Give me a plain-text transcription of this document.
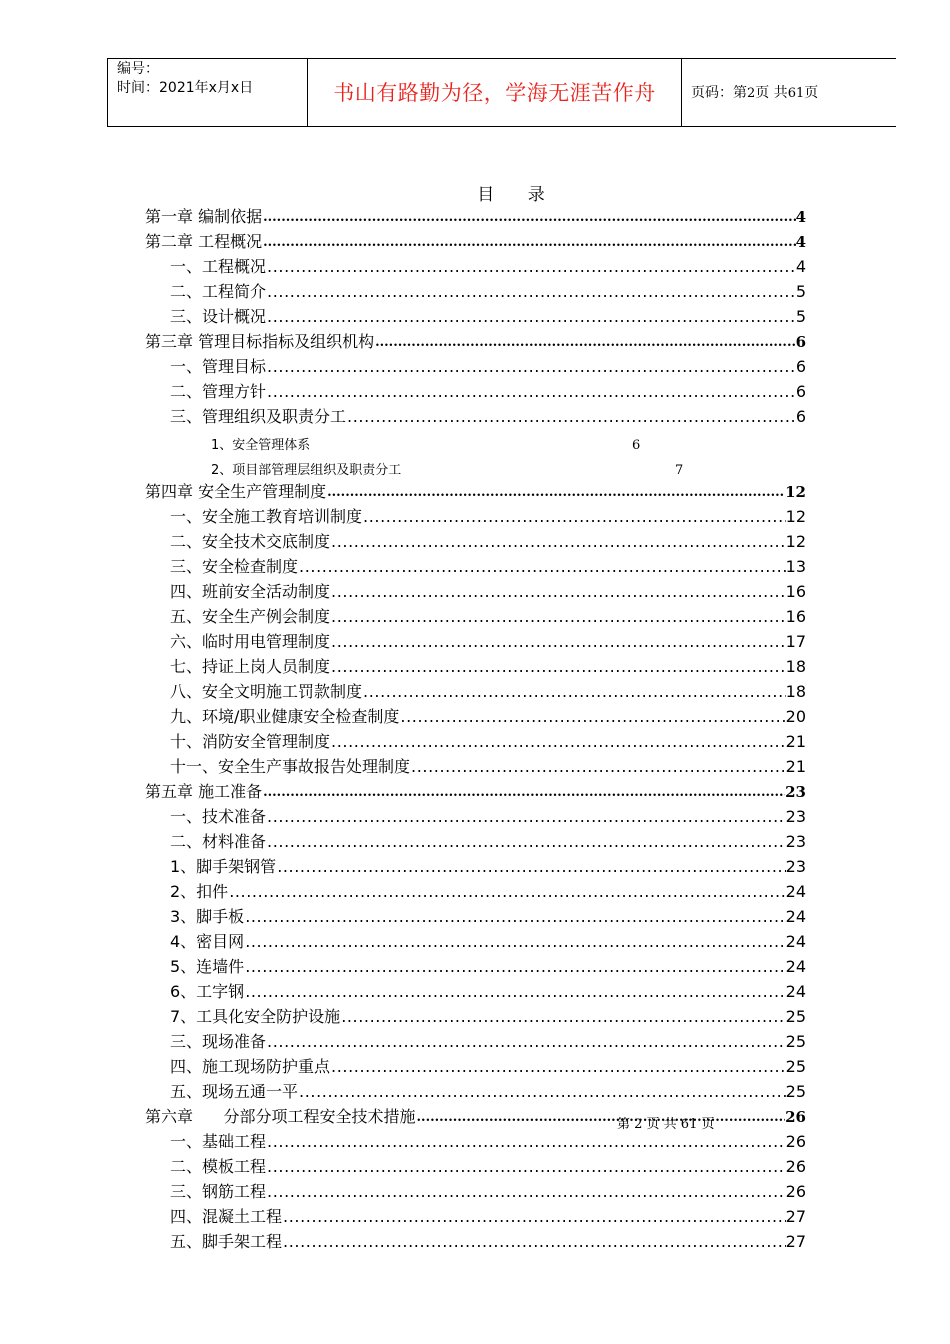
编号：
时间：2021年x月x日	书山有路勤为径，学海无涯苦作舟	页码：第2页 共61页
目 录
第一章 编制依据 .....	4
第二章 工程概况 .....	4
一、工程概况 .....	4
二、工程简介 .....	5
三、设计概况 .....	5
第三章 管理目标指标及组织机构 .....	6
一、管理目标 .....	6
二、管理方针 .....	6
三、管理组织及职责分工 .....	6
1、安全管理体系	6
2、项目部管理层组织及职责分工	7
第四章 安全生产管理制度 .....	12
一、安全施工教育培训制度 .....	12
二、安全技术交底制度 .....	12
三、安全检查制度 .....	13
四、班前安全活动制度 .....	16
五、安全生产例会制度 .....	16
六、临时用电管理制度 .....	17
七、持证上岗人员制度 .....	18
八、安全文明施工罚款制度 .....	18
九、环境/职业健康安全检查制度 .....	20
十、消防安全管理制度 .....	21
十一、安全生产事故报告处理制度 .....	21
第五章 施工准备 .....	23
一、技术准备 .....	23
二、材料准备 .....	23
1、脚手架钢管 .....	23
2、扣件 .....	24
3、脚手板 .....	24
4、密目网 .....	24
5、连墙件 .....	24
6、工字钢 .....	24
7、工具化安全防护设施 .....	25
三、现场准备 .....	25
四、施工现场防护重点 .....	25
五、现场五通一平 .....	25
第六章      分部分项工程安全技术措施 .....	26
一、基础工程 .....	26
二、模板工程 .....	26
三、钢筋工程 .....	26
四、混凝土工程 .....	27
五、脚手架工程 .....	27
第 2 页 共 61 页
